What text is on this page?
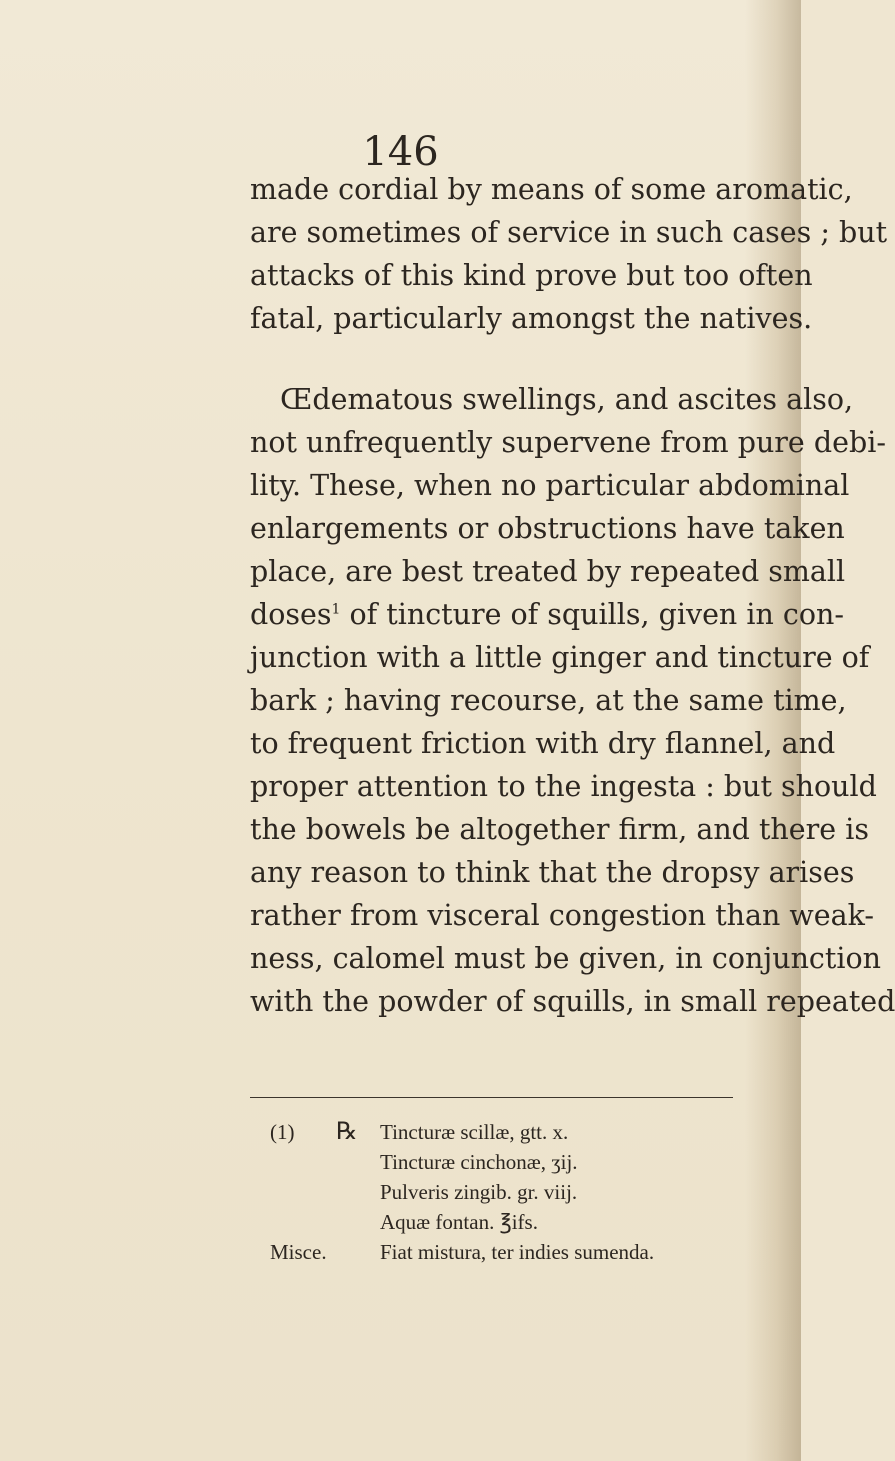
146
made cordial by means of some aromatic,
are sometimes of service in such cases ; but
attacks of this kind prove but too often
fatal, particularly amongst the natives.
Œdematous swellings, and ascites also,
not unfrequently supervene from pure debi-
lity. These, when no particular abdominal
enlargements or obstructions have taken
place, are best treated by repeated small
doses$^1$ of tincture of squills, given in con-
junction with a little ginger and tincture of
bark ; having recourse, at the same time,
to frequent friction with dry flannel, and
proper attention to the ingesta : but should
the bowels be altogether firm, and there is
any reason to think that the dropsy arises
rather from visceral congestion than weak-
ness, calomel must be given, in conjunction
with the powder of squills, in small repeated
(1) ℞	Tincturæ scillæ, gtt. x.
Tincturæ cinchonæ, ʒij.
Pulveris zingib. gr. viij.
Aquæ fontan. ℥ifs.
Misce.	Fiat mistura, ter indies sumenda.
